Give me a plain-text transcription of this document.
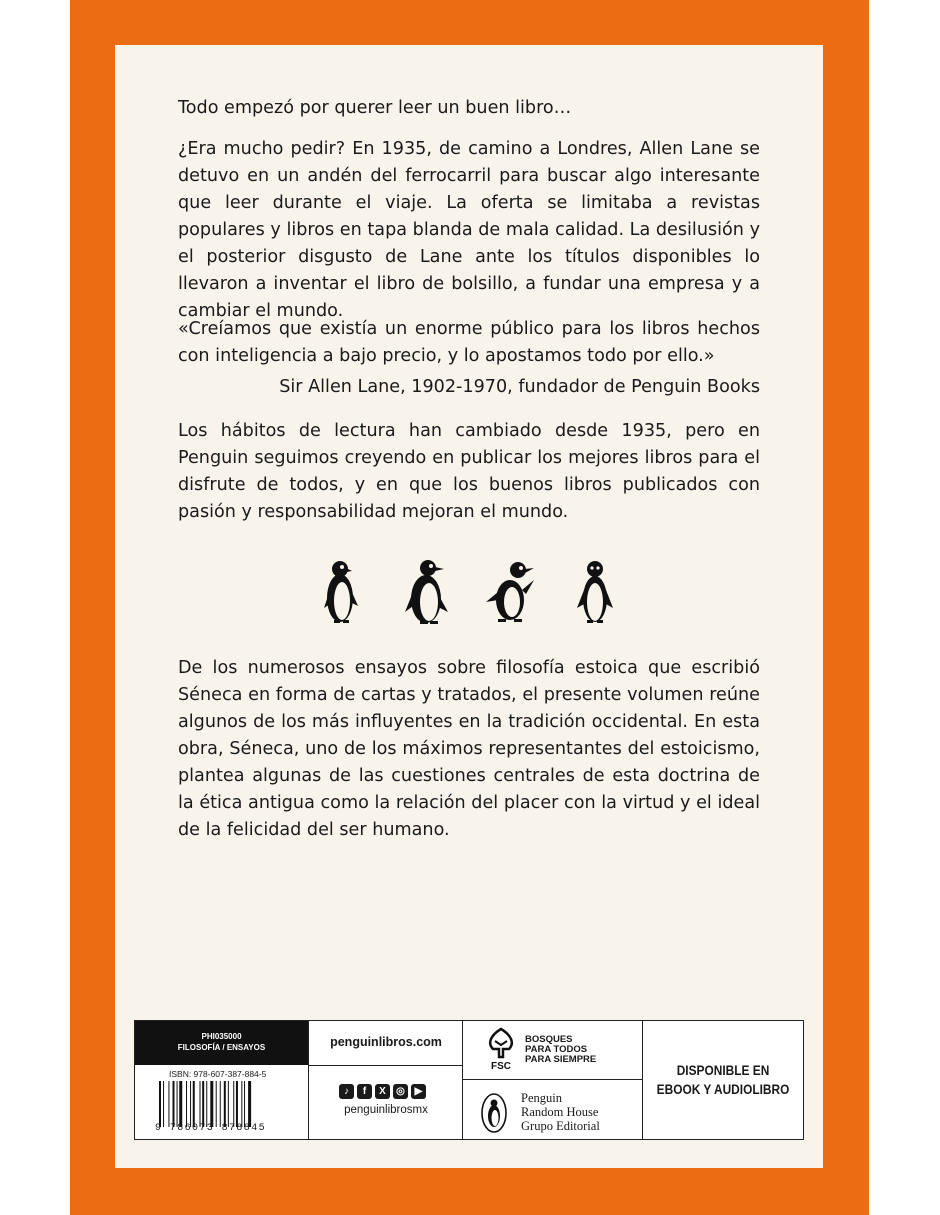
Todo empezó por querer leer un buen libro…

¿Era mucho pedir? En 1935, de camino a Londres, Allen Lane se detuvo en un andén del ferrocarril para buscar algo interesante que leer durante el viaje. La oferta se limitaba a revistas populares y libros en tapa blanda de mala calidad. La desilusión y el posterior disgusto de Lane ante los títulos disponibles lo llevaron a inventar el libro de bolsillo, a fundar una empresa y a cambiar el mundo.

«Creíamos que existía un enorme público para los libros hechos con inteligencia a bajo precio, y lo apostamos todo por ello.»

Sir Allen Lane, 1902-1970, fundador de Penguin Books

Los hábitos de lectura han cambiado desde 1935, pero en Penguin seguimos creyendo en publicar los mejores libros para el disfrute de todos, y en que los buenos libros publicados con pasión y responsabilidad mejoran el mundo.

De los numerosos ensayos sobre filosofía estoica que escribió Séneca en forma de cartas y tratados, el presente volumen reúne algunos de los más influyentes en la tradición occidental. En esta obra, Séneca, uno de los máximos representantes del estoicismo, plantea algunas de las cuestiones centrales de esta doctrina de la ética antigua como la relación del placer con la virtud y el ideal de la felicidad del ser humano.

PHI035000
FILOSOFÍA / ENSAYOS
ISBN: 978-607-387-884-5
9 786073 878845
penguinlibros.com
♪ f X ◎ ▶
penguinlibrosmx
FSC
BOSQUES
PARA TODOS
PARA SIEMPRE
Penguin
Random House
Grupo Editorial
DISPONIBLE EN
EBOOK Y AUDIOLIBRO
